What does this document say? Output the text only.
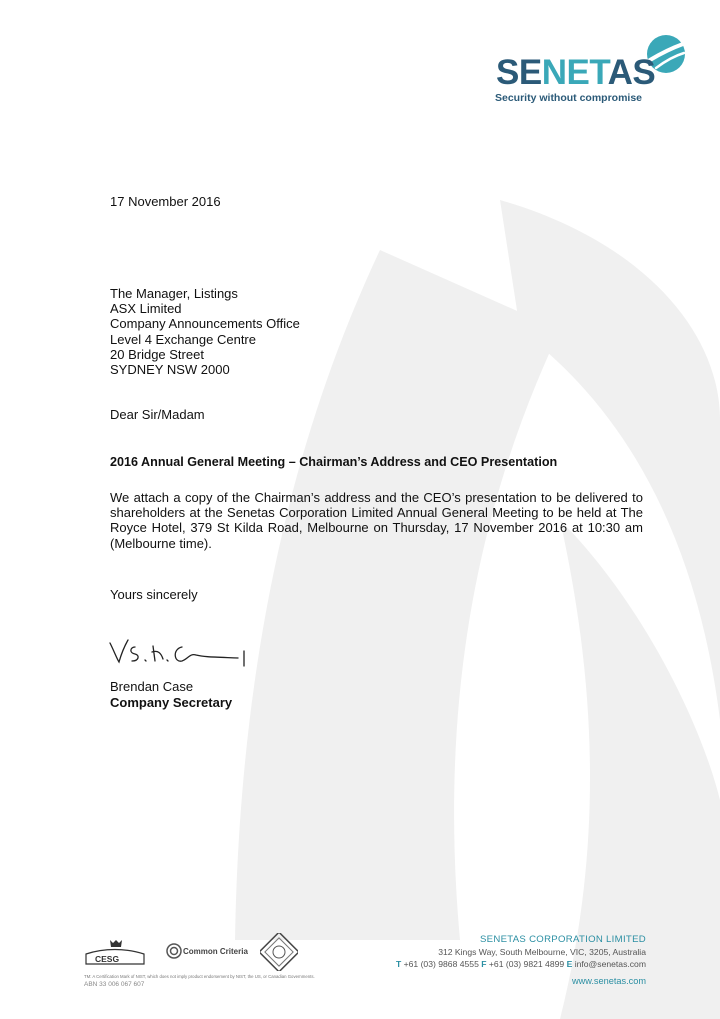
SENETAS
Security without compromise
17 November 2016
The Manager, Listings
ASX Limited
Company Announcements Office
Level 4 Exchange Centre
20 Bridge Street
SYDNEY NSW 2000
Dear Sir/Madam
2016 Annual General Meeting – Chairman’s Address and CEO Presentation
We attach a copy of the Chairman’s address and the CEO’s presentation to be delivered to shareholders at the Senetas Corporation Limited Annual General Meeting to be held at The Royce Hotel, 379 St Kilda Road, Melbourne on Thursday, 17 November 2016 at 10:30 am (Melbourne time).
Yours sincerely
Brendan Case
Company Secretary
CESG
Common Criteria
TM: A Certification Mark of NIST, which does not imply product endorsement by NIST, the US, or Canadian Governments.
ABN 33 006 067 607
SENETAS CORPORATION LIMITED
312 Kings Way, South Melbourne, VIC, 3205, Australia
T +61 (03) 9868 4555 F +61 (03) 9821 4899 E info@senetas.com
www.senetas.com
